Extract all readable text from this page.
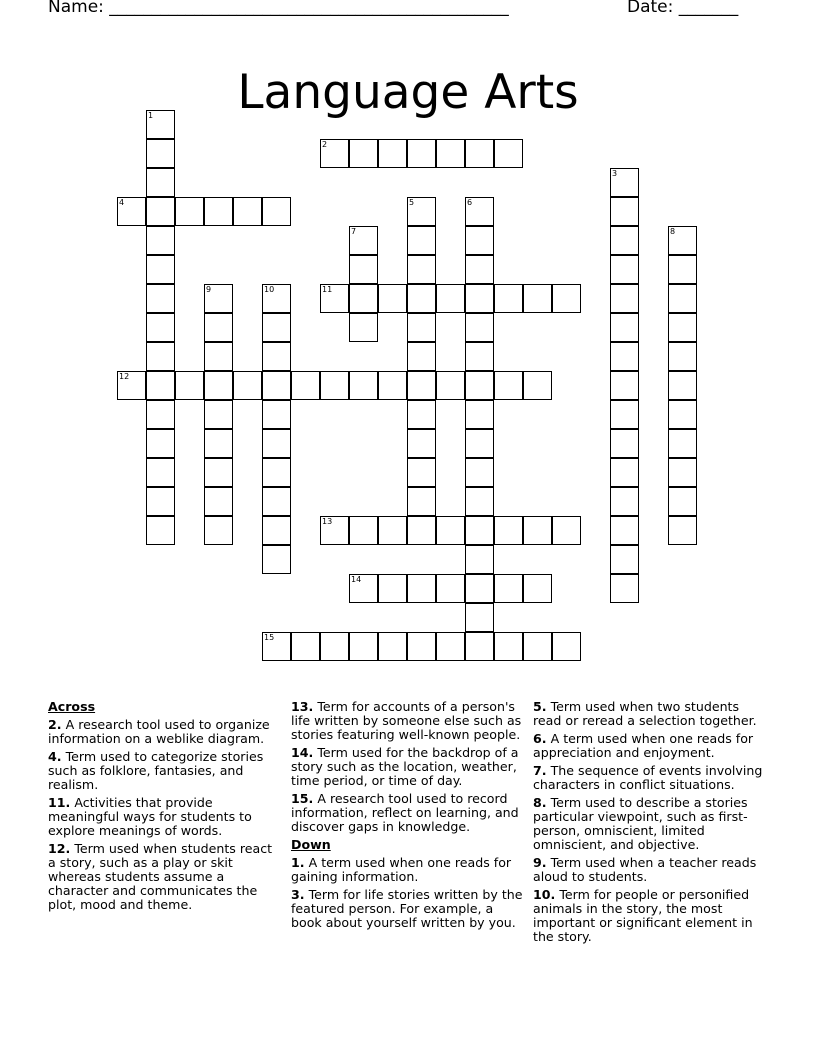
Name: _______________________________________________	Date: _______
Language Arts
1
2
3
4	5	6
7	8
9	10	11
12
13
14
15

Across

2. A research tool used to organize information on a weblike diagram.

4. Term used to categorize stories such as folklore, fantasies, and realism.

11. Activities that provide meaningful ways for students to explore meanings of words.

12. Term used when students react a story, such as a play or skit whereas students assume a character and communicates the plot, mood and theme.

13. Term for accounts of a person's life written by someone else such as stories featuring well-known people.

14. Term used for the backdrop of a story such as the location, weather, time period, or time of day.

15. A research tool used to record information, reflect on learning, and discover gaps in knowledge.

Down

1. A term used when one reads for gaining information.

3. Term for life stories written by the featured person. For example, a book about yourself written by you.

5. Term used when two students read or reread a selection together.

6. A term used when one reads for appreciation and enjoyment.

7. The sequence of events involving characters in conflict situations.

8. Term used to describe a stories particular viewpoint, such as first-person, omniscient, limited omniscient, and objective.

9. Term used when a teacher reads aloud to students.

10. Term for people or personified animals in the story, the most important or significant element in the story.
